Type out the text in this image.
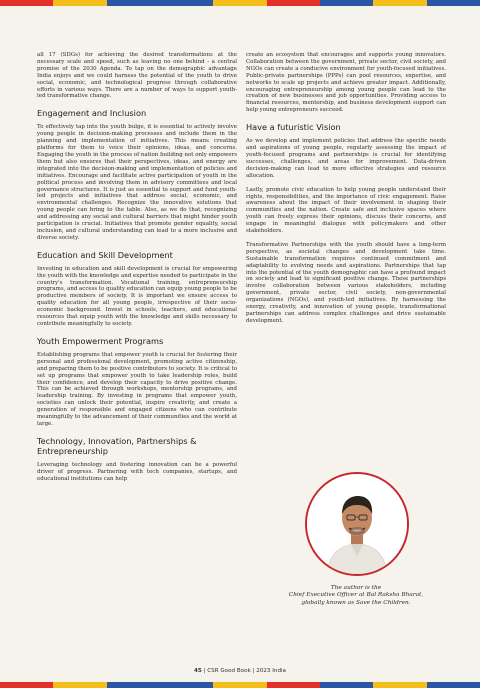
all 17 (SDGs) for achieving the desired transformations at the necessary scale and speed, such as leaving no one behind - a central promise of the 2030 Agenda. To tap on the demographic advantage India enjoys and we could harness the potential of the youth to drive social, economic, and technological progress through collaborative efforts in various ways. There are a number of ways to support youth-led transformative change.

Engagement and Inclusion

To effectively tap into the youth bulge, it is essential to actively involve young people in decision-making processes and include them in the planning and implementation of initiatives. This means creating platforms for them to voice their opinions, ideas, and concerns. Engaging the youth in the process of nation building not only empowers them but also ensures that their perspectives, ideas, and energy are integrated into the decision-making and implementation of policies and initiatives. Encourage and facilitate active participation of youth in the political process and involving them in advisory committees and local governance structures. It is just as essential to support and fund youth-led projects and initiatives that address social, economic, and environmental challenges. Recognize the innovative solutions that young people can bring to the table. Also, as we do that, recognizing and addressing any social and cultural barriers that might hinder youth participation is crucial. Initiatives that promote gender equality, social inclusion, and cultural understanding can lead to a more inclusive and diverse society.

Education and Skill Development

Investing in education and skill development is crucial for empowering the youth with the knowledge and expertise needed to participate in the country's transformation. Vocational training, entrepreneurship programs, and access to quality education can equip young people to be productive members of society. It is important we ensure access to quality education for all young people, irrespective of their socio-economic background. Invest in schools, teachers, and educational resources that equip youth with the knowledge and skills necessary to contribute meaningfully to society.

Youth Empowerment Programs

Establishing programs that empower youth is crucial for fostering their personal and professional development, promoting active citizenship, and preparing them to be positive contributors to society. It is critical to set up programs that empower youth to take leadership roles, build their confidence, and develop their capacity to drive positive change. This can be achieved through workshops, mentorship programs, and leadership training. By investing in programs that empower youth, societies can unlock their potential, inspire creativity, and create a generation of responsible and engaged citizens who can contribute meaningfully to the advancement of their communities and the world at large.

Technology, Innovation, Partnerships & Entrepreneurship

Leveraging technology and fostering innovation can be a powerful driver of progress. Partnering with tech companies, startups, and educational institutions can help

create an ecosystem that encourages and supports young innovators. Collaboration between the government, private sector, civil society, and NGOs can create a conducive environment for youth-focused initiatives. Public-private partnerships (PPPs) can pool resources, expertise, and networks to scale up projects and achieve greater impact. Additionally, encouraging entrepreneurship among young people can lead to the creation of new businesses and job opportunities. Providing access to financial resources, mentorship, and business development support can help young entrepreneurs succeed.

Have a futuristic Vision

As we develop and implement policies that address the specific needs and aspirations of young people, regularly assessing the impact of youth-focused programs and partnerships is crucial for identifying successes, challenges, and areas for improvement. Data-driven decision-making can lead to more effective strategies and resource allocation.

Lastly, promote civic education to help young people understand their rights, responsibilities, and the importance of civic engagement. Raise awareness about the impact of their involvement in shaping their communities and the nation. Create safe and inclusive spaces where youth can freely express their opinions, discuss their concerns, and engage in meaningful dialogue with policymakers and other stakeholders.

Transformative Partnerships with the youth should have a long-term perspective, as societal changes and development take time. Sustainable transformation requires continued commitment and adaptability to evolving needs and aspirations. Partnerships that tap into the potential of the youth demographic can have a profound impact on society and lead to significant positive change. These partnerships involve collaboration between various stakeholders, including government, private sector, civil society, non-governmental organizations (NGOs), and youth-led initiatives. By harnessing the energy, creativity, and innovation of young people, transformational partnerships can address complex challenges and drive sustainable development.

The author is the
Chief Executive Officer at Bal Raksha Bharat,
globally known as Save the Children.
45 | CSR Good Book | 2023 India
